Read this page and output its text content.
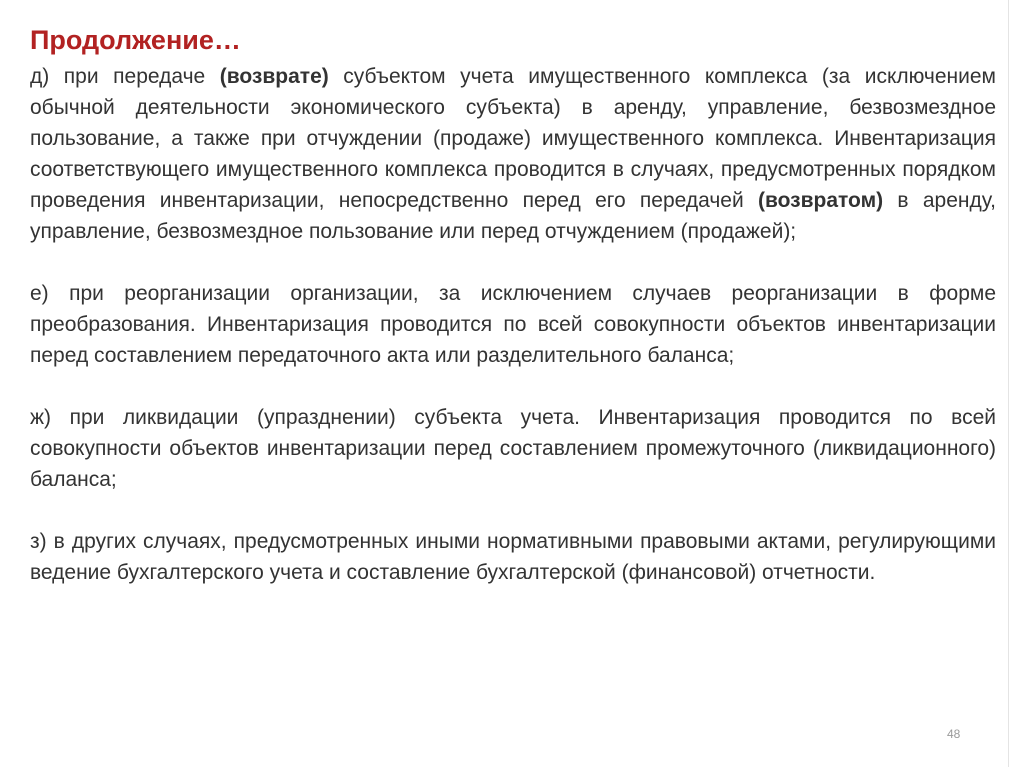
Продолжение…

д) при передаче (возврате) субъектом учета имущественного комплекса (за исключением обычной деятельности экономического субъекта) в аренду, управление, безвозмездное пользование, а также при отчуждении (продаже) имущественного комплекса. Инвентаризация соответствующего имущественного комплекса проводится в случаях, предусмотренных порядком проведения инвентаризации, непосредственно перед его передачей (возвратом) в аренду, управление, безвозмездное пользование или перед отчуждением (продажей);

е) при реорганизации организации, за исключением случаев реорганизации в форме преобразования. Инвентаризация проводится по всей совокупности объектов инвентаризации перед составлением передаточного акта или разделительного баланса;

ж) при ликвидации (упразднении) субъекта учета. Инвентаризация проводится по всей совокупности объектов инвентаризации перед составлением промежуточного (ликвидационного) баланса;

з) в других случаях, предусмотренных иными нормативными правовыми актами, регулирующими ведение бухгалтерского учета и составление бухгалтерской (финансовой) отчетности.

48
